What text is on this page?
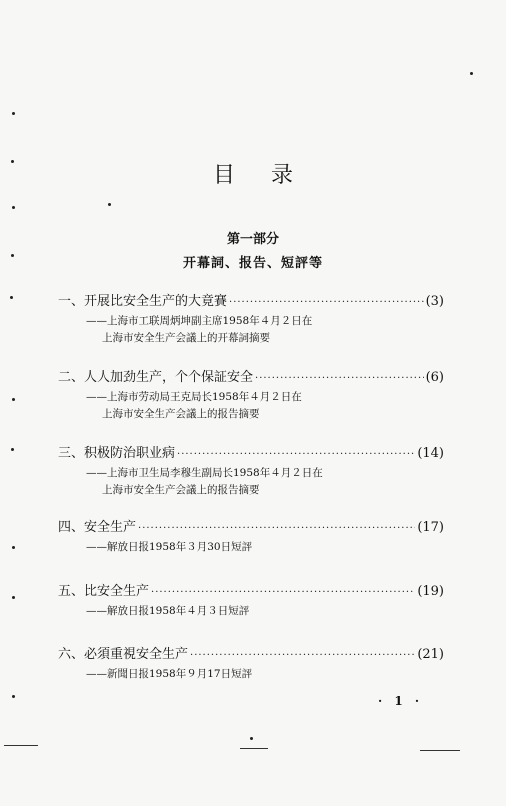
目录
第一部分
开幕詞、报告、短評等
一、开展比安全生产的大竟賽 ·····	(3)
——上海市工联周炳坤副主席1958年４月２日在
上海市安全生产会議上的开幕詞摘要
二、人人加劲生产，个个保証安全 ·····	(6)
——上海市劳动局王克局长1958年４月２日在
上海市安全生产会議上的报告摘要
三、积极防治职业病 ·····	(14)
——上海市卫生局李穆生副局长1958年４月２日在
上海市安全生产会議上的报告摘要
四、安全生产 ·····	(17)
——解放日报1958年３月30日短評
五、比安全生产 ·····	(19)
——解放日报1958年４月３日短評
六、必須重視安全生产 ·····	(21)
——新聞日报1958年９月17日短評
· 1 ·
